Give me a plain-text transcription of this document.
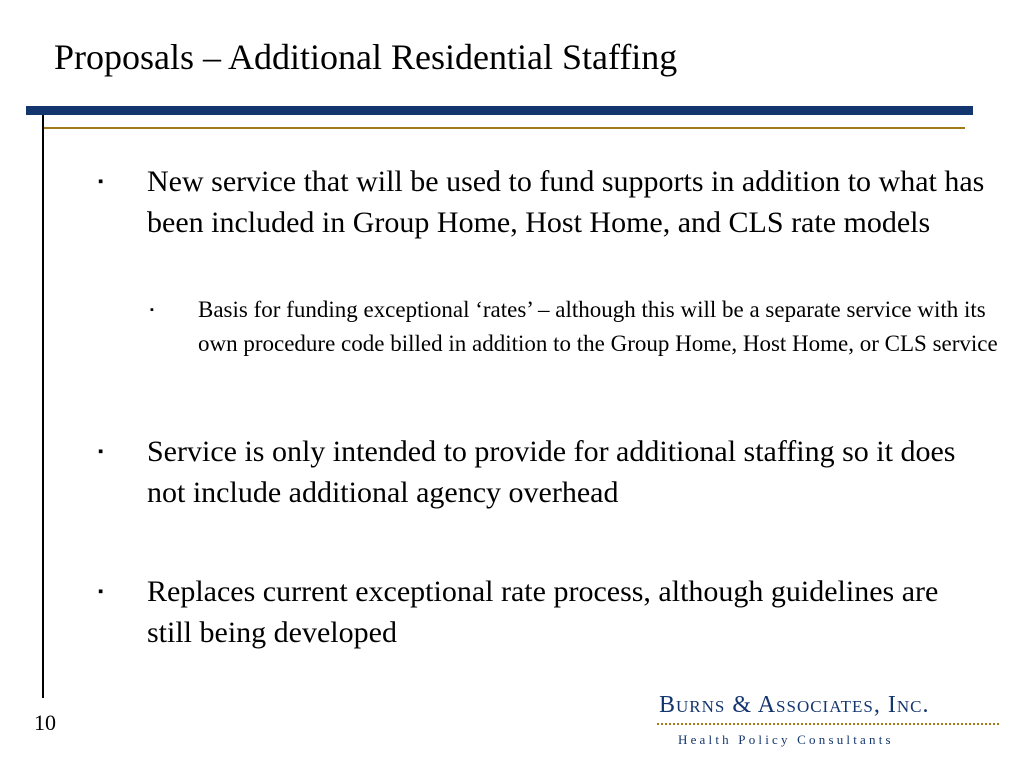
Proposals – Additional Residential Staffing
▪ New service that will be used to fund supports in addition to what has been included in Group Home, Host Home, and CLS rate models
▪ Basis for funding exceptional ‘rates’ – although this will be a separate service with its own procedure code billed in addition to the Group Home, Host Home, or CLS service
▪ Service is only intended to provide for additional staffing so it does not include additional agency overhead
▪ Replaces current exceptional rate process, although guidelines are still being developed
10
Burns & Associates, Inc.
Health Policy Consultants
